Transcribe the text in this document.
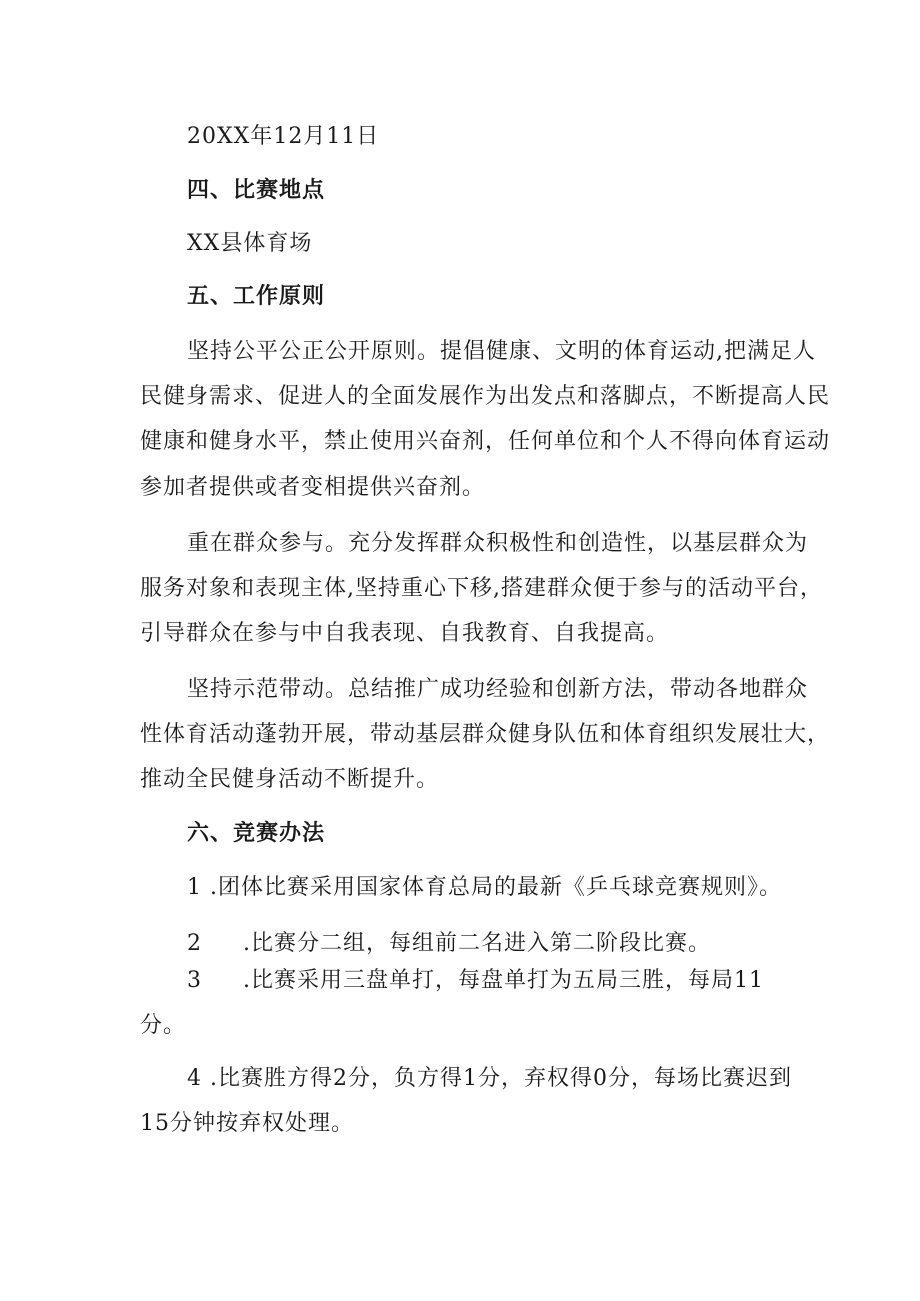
20XX年12月11日
四、比赛地点
XX县体育场
五、工作原则
坚持公平公正公开原则。提倡健康、文明的体育运动,把满足人
民健身需求、促进人的全面发展作为出发点和落脚点，不断提高人民
健康和健身水平，禁止使用兴奋剂，任何单位和个人不得向体育运动
参加者提供或者变相提供兴奋剂。
重在群众参与。充分发挥群众积极性和创造性，以基层群众为
服务对象和表现主体,坚持重心下移,搭建群众便于参与的活动平台，
引导群众在参与中自我表现、自我教育、自我提高。
坚持示范带动。总结推广成功经验和创新方法，带动各地群众
性体育活动蓬勃开展，带动基层群众健身队伍和体育组织发展壮大，
推动全民健身活动不断提升。
六、竞赛办法
1 .团体比赛采用国家体育总局的最新《乒乓球竞赛规则》。
2 .比赛分二组，每组前二名进入第二阶段比赛。
3 .比赛采用三盘单打，每盘单打为五局三胜，每局11
分。
4 .比赛胜方得2分，负方得1分，弃权得0分，每场比赛迟到
15分钟按弃权处理。
